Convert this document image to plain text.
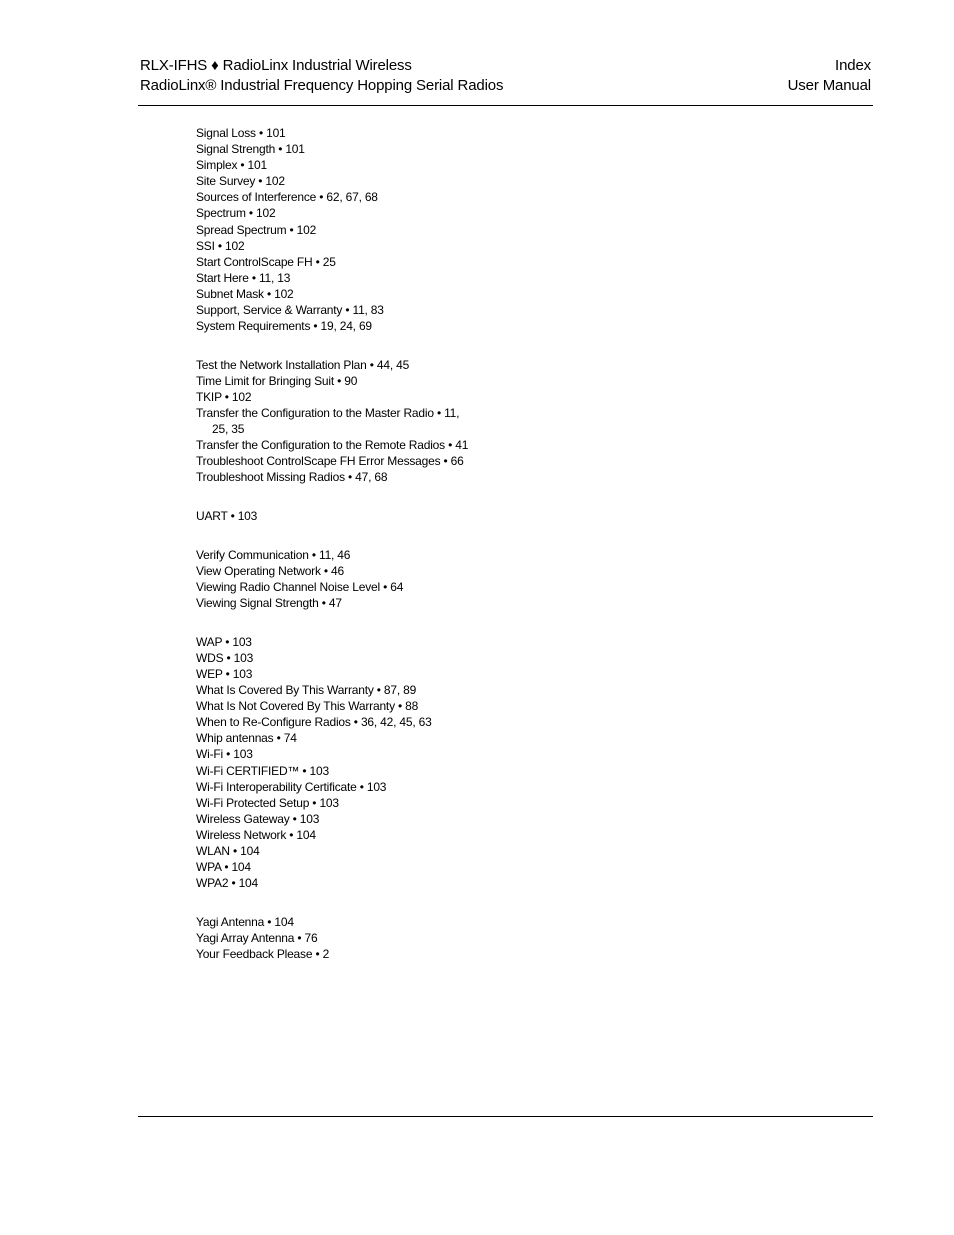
RLX-IFHS ♦ RadioLinx Industrial Wireless	Index
RadioLinx® Industrial Frequency Hopping Serial Radios	User Manual
Signal Loss • 101
Signal Strength • 101
Simplex • 101
Site Survey • 102
Sources of Interference • 62, 67, 68
Spectrum • 102
Spread Spectrum • 102
SSI • 102
Start ControlScape FH • 25
Start Here • 11, 13
Subnet Mask • 102
Support, Service & Warranty • 11, 83
System Requirements • 19, 24, 69
Test the Network Installation Plan • 44, 45
Time Limit for Bringing Suit • 90
TKIP • 102
Transfer the Configuration to the Master Radio • 11,
25, 35
Transfer the Configuration to the Remote Radios • 41
Troubleshoot ControlScape FH Error Messages • 66
Troubleshoot Missing Radios • 47, 68
UART • 103
Verify Communication • 11, 46
View Operating Network • 46
Viewing Radio Channel Noise Level • 64
Viewing Signal Strength • 47
WAP • 103
WDS • 103
WEP • 103
What Is Covered By This Warranty • 87, 89
What Is Not Covered By This Warranty • 88
When to Re-Configure Radios • 36, 42, 45, 63
Whip antennas • 74
Wi-Fi • 103
Wi-Fi CERTIFIED™ • 103
Wi-Fi Interoperability Certificate • 103
Wi-Fi Protected Setup • 103
Wireless Gateway • 103
Wireless Network • 104
WLAN • 104
WPA • 104
WPA2 • 104
Yagi Antenna • 104
Yagi Array Antenna • 76
Your Feedback Please • 2
